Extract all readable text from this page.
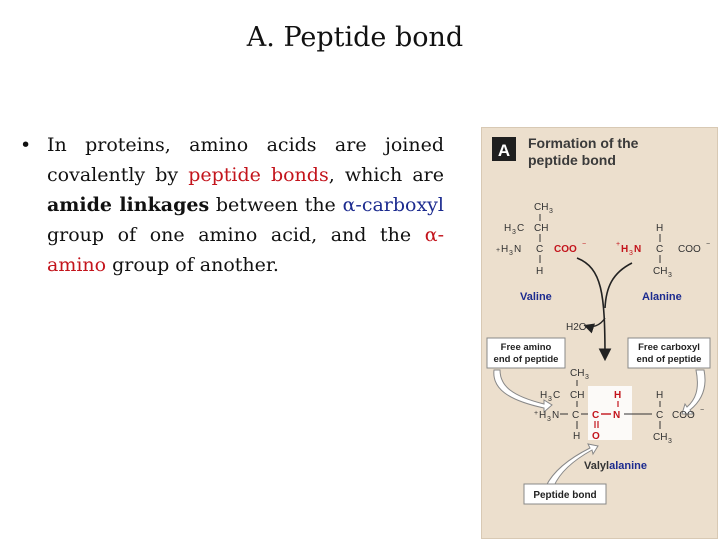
A. Peptide bond
• In proteins, amino acids are joined covalently by peptide bonds, which are amide linkages between the α-carboxyl group of one amino acid, and the α-amino group of another.
A Formation of the
peptide bond
CH 3
H 3 C CH
+ H 3 N C COO −
H
H
+ H 3 N C COO −
CH 3
Valine	Alanine
H2O
Free amino
end of peptide
Free carboxyl
end of peptide
CH 3
H 3 C CH
+ H 3 N C
H
H
C COO −
CH 3
H
C N
O
Valylalanine
Peptide bond
